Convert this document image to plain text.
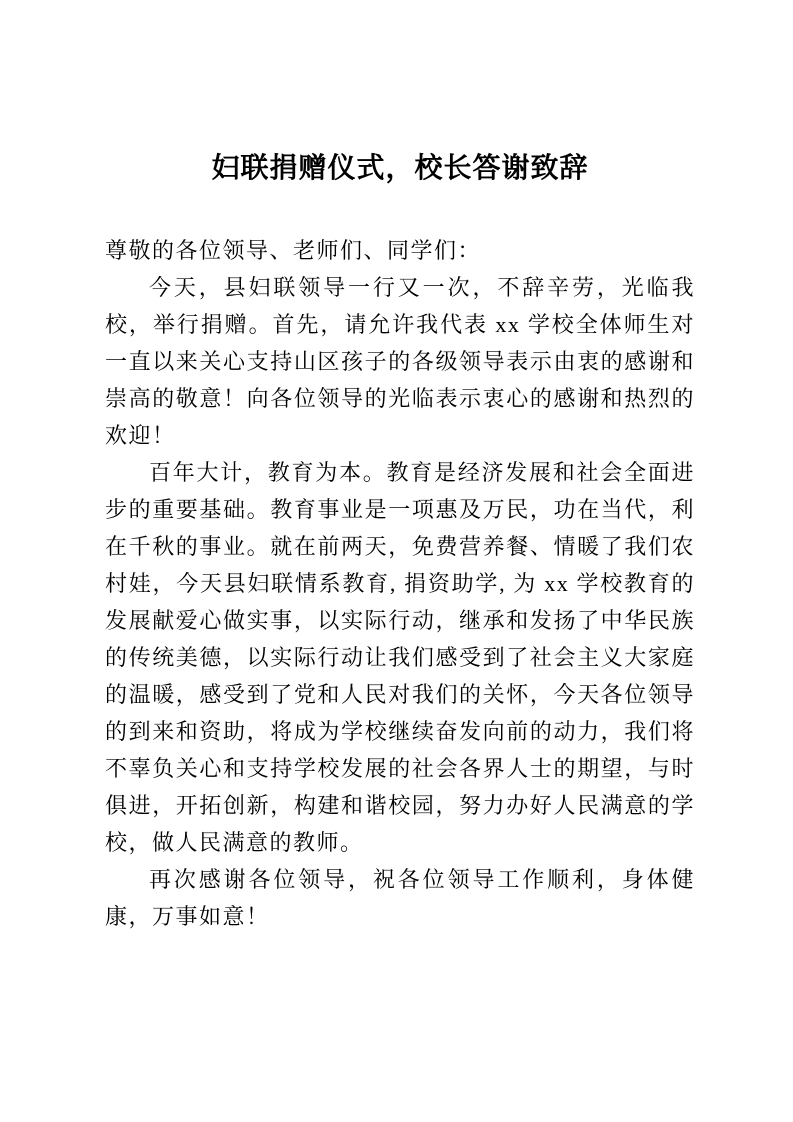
妇联捐赠仪式，校长答谢致辞

尊敬的各位领导、老师们、同学们：

今天，县妇联领导一行又一次，不辞辛劳，光临我校，举行捐赠。首先，请允许我代表 xx 学校全体师生对一直以来关心支持山区孩子的各级领导表示由衷的感谢和崇高的敬意！向各位领导的光临表示衷心的感谢和热烈的欢迎！

百年大计，教育为本。教育是经济发展和社会全面进步的重要基础。教育事业是一项惠及万民，功在当代，利在千秋的事业。就在前两天，免费营养餐、情暖了我们农村娃，今天县妇联情系教育, 捐资助学, 为 xx 学校教育的发展献爱心做实事，以实际行动，继承和发扬了中华民族的传统美德，以实际行动让我们感受到了社会主义大家庭的温暖，感受到了党和人民对我们的关怀，今天各位领导的到来和资助，将成为学校继续奋发向前的动力，我们将不辜负关心和支持学校发展的社会各界人士的期望，与时俱进，开拓创新，构建和谐校园，努力办好人民满意的学校，做人民满意的教师。

再次感谢各位领导，祝各位领导工作顺利，身体健康，万事如意！
